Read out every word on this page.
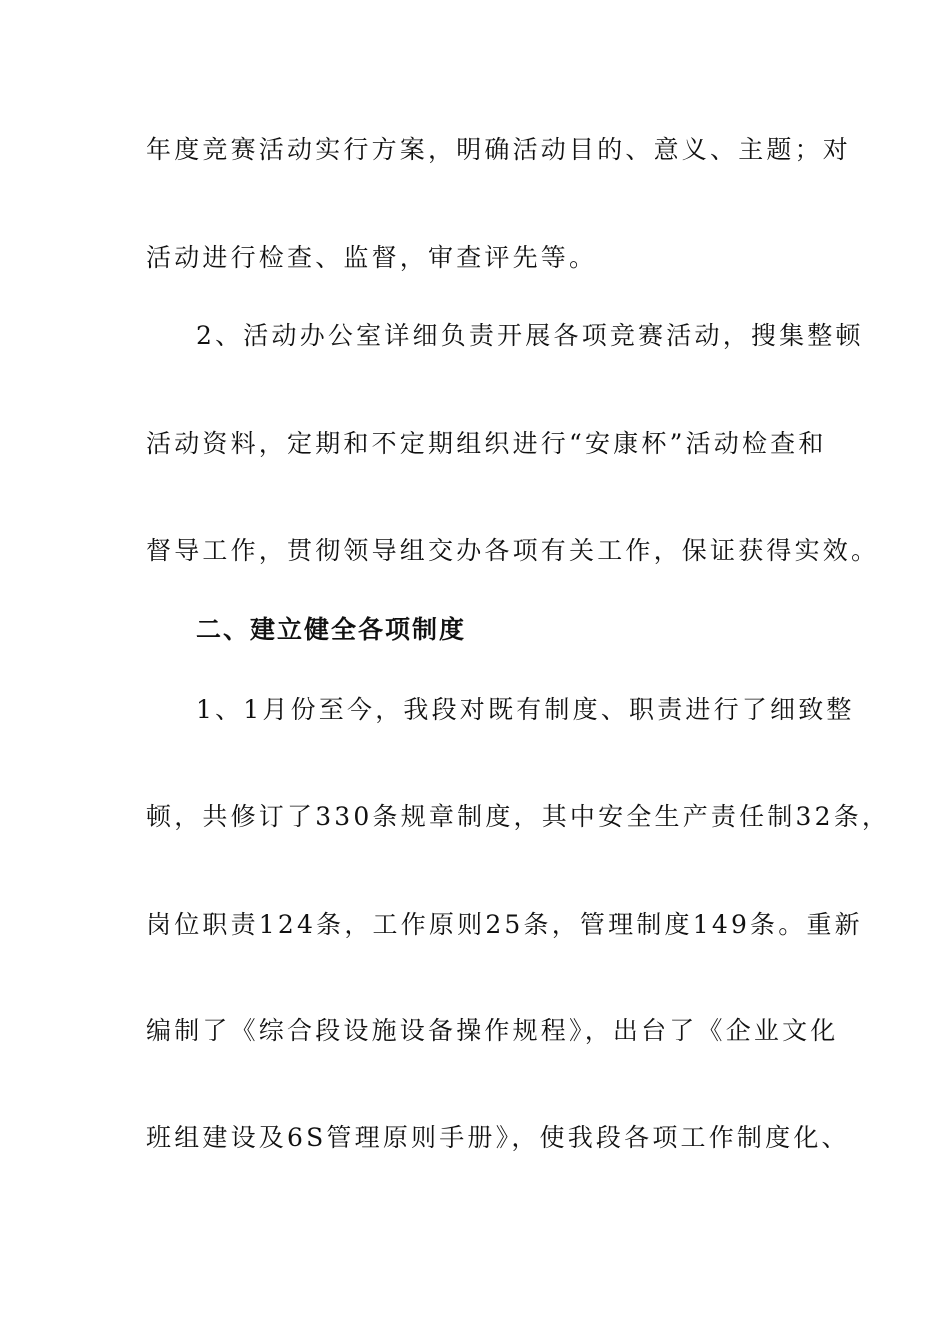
年度竞赛活动实行方案，明确活动目的、意义、主题；对
活动进行检查、监督，审查评先等。
2、活动办公室详细负责开展各项竞赛活动，搜集整顿
活动资料，定期和不定期组织进行“安康杯”活动检查和
督导工作，贯彻领导组交办各项有关工作，保证获得实效。
二、建立健全各项制度
1、1月份至今，我段对既有制度、职责进行了细致整
顿，共修订了330条规章制度，其中安全生产责任制32条，
岗位职责124条，工作原则25条，管理制度149条。重新
编制了《综合段设施设备操作规程》，出台了《企业文化
班组建设及6S管理原则手册》，使我段各项工作制度化、
